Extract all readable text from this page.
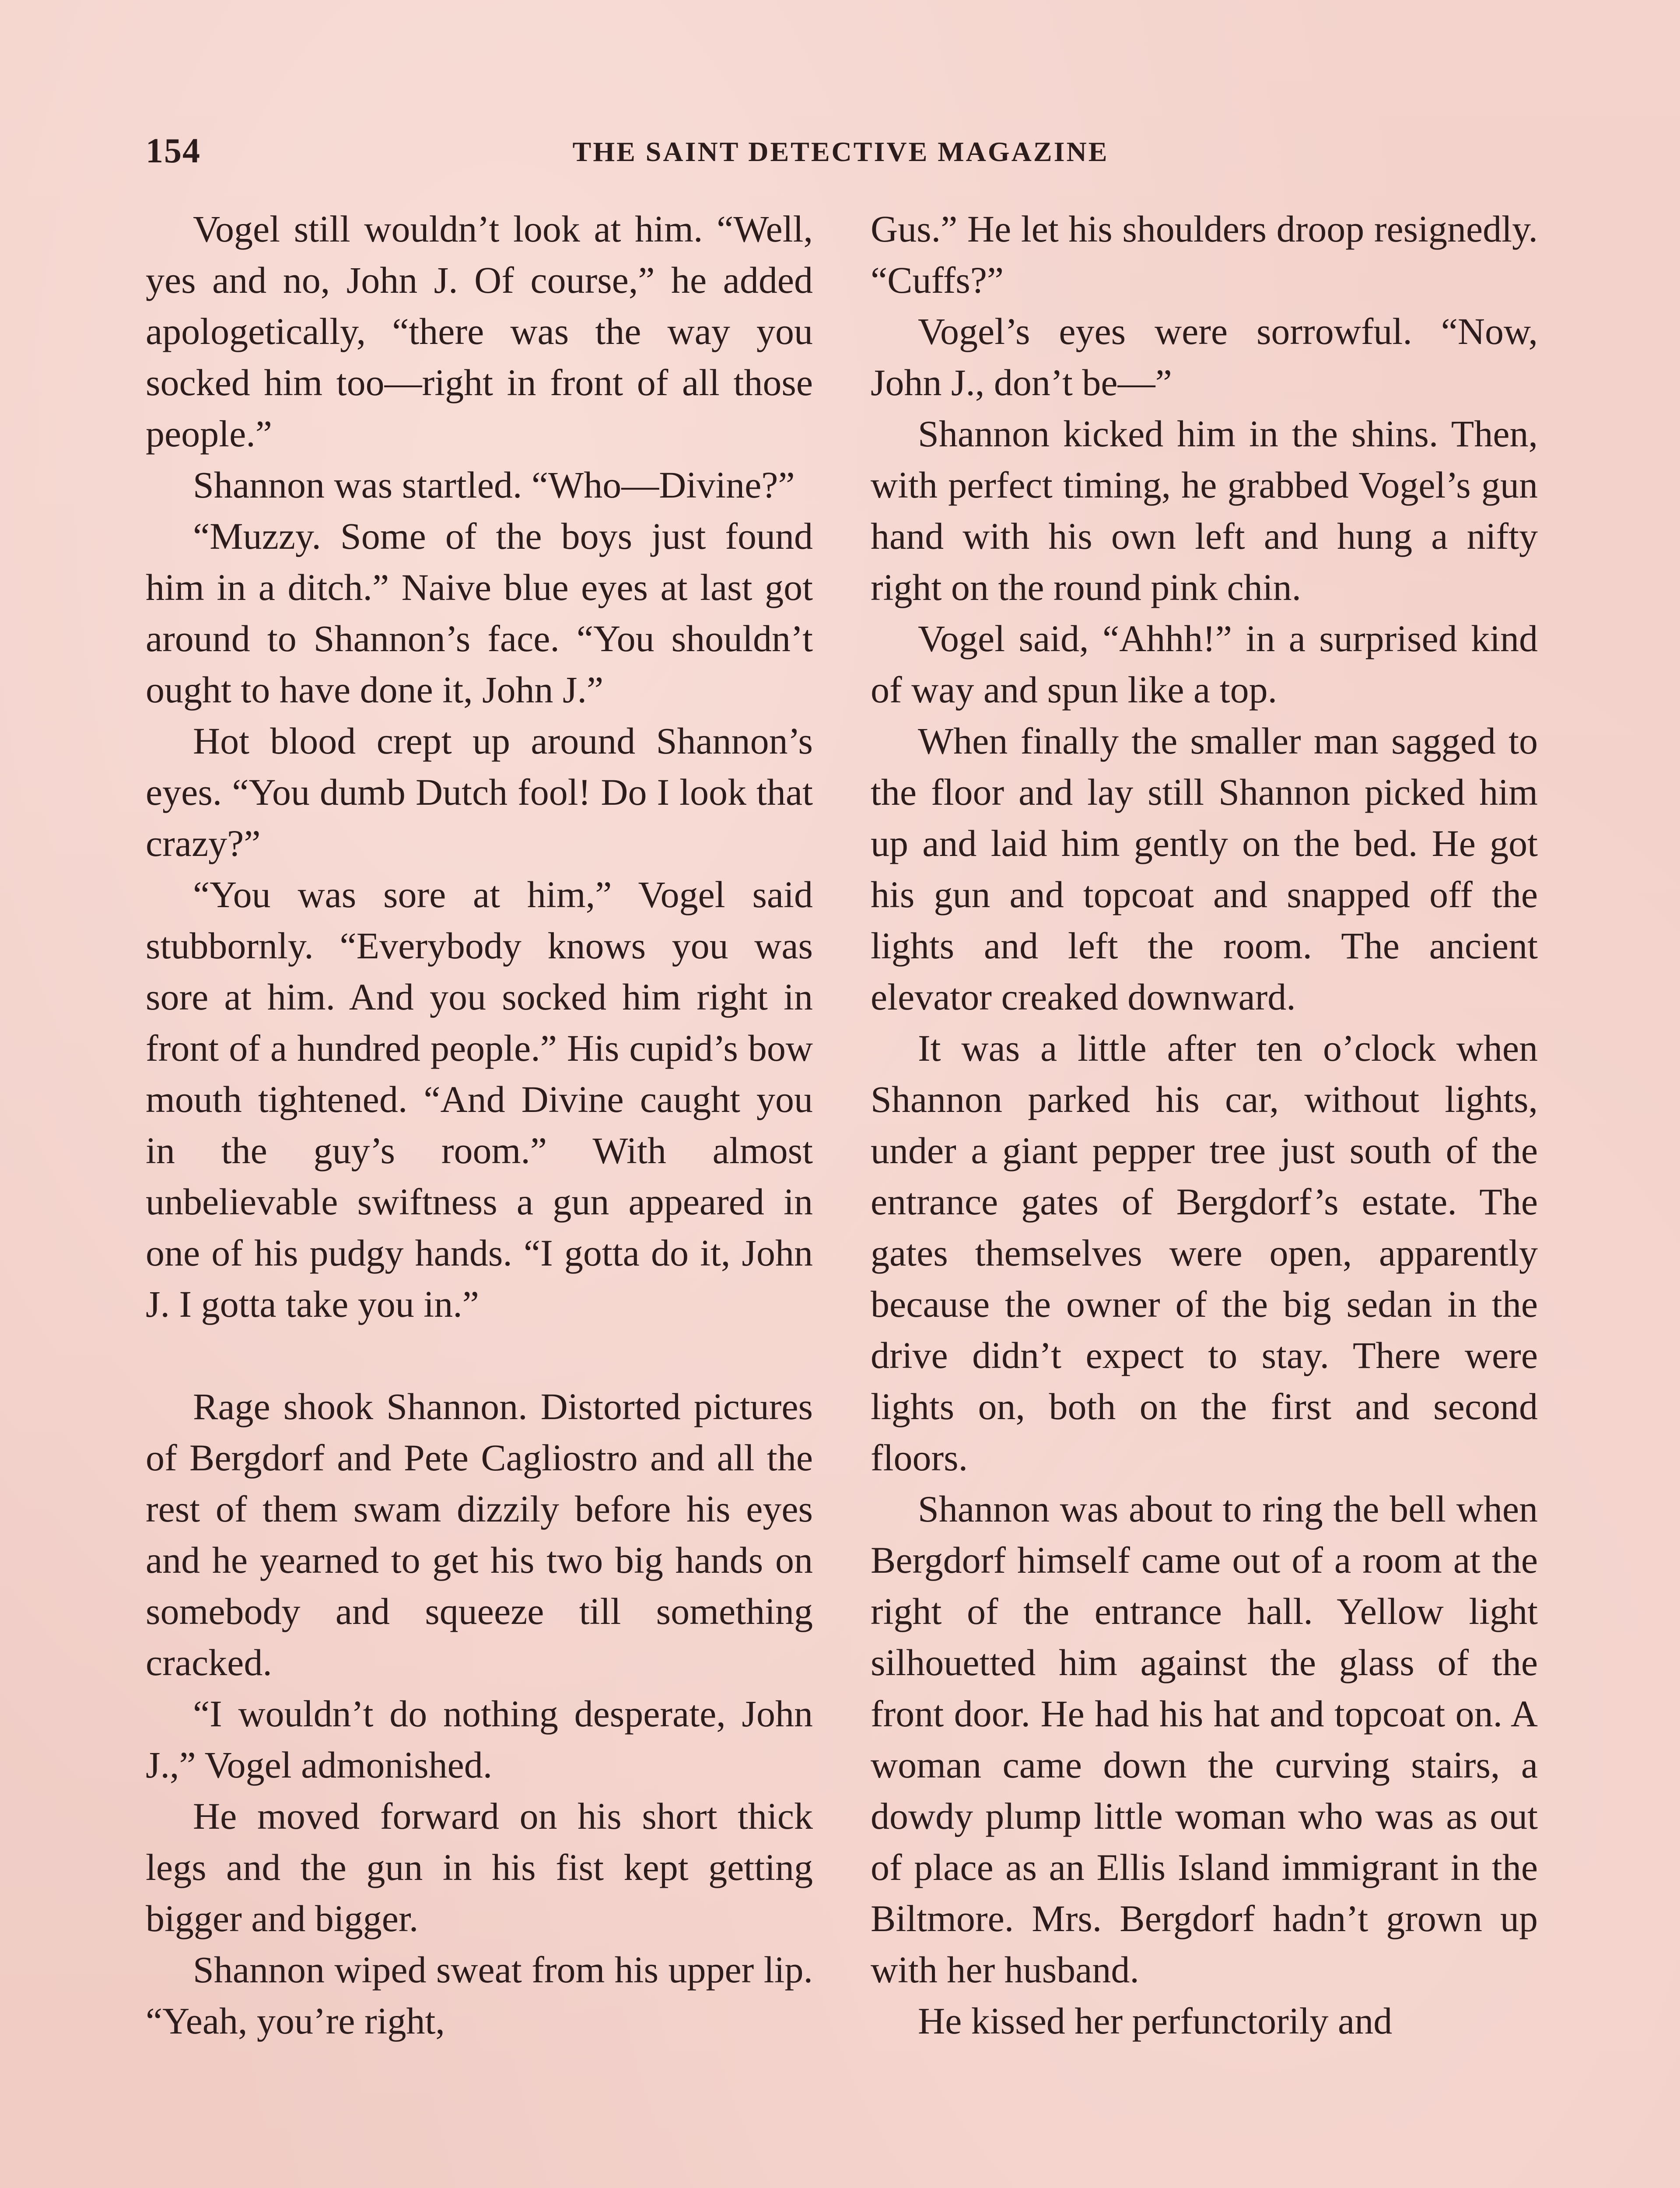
154	THE SAINT DETECTIVE MAGAZINE

Vogel still wouldn’t look at him. “Well, yes and no, John J. Of course,” he added apologetically, “there was the way you socked him too—right in front of all those people.”

Shannon was startled. “Who—Divine?”

“Muzzy. Some of the boys just found him in a ditch.” Naive blue eyes at last got around to Shannon’s face. “You shouldn’t ought to have done it, John J.”

Hot blood crept up around Shannon’s eyes. “You dumb Dutch fool! Do I look that crazy?”

“You was sore at him,” Vogel said stubbornly. “Everybody knows you was sore at him. And you socked him right in front of a hundred people.” His cupid’s bow mouth tightened. “And Divine caught you in the guy’s room.” With almost unbelievable swiftness a gun appeared in one of his pudgy hands. “I gotta do it, John J. I gotta take you in.”

Rage shook Shannon. Distorted pictures of Bergdorf and Pete Cagliostro and all the rest of them swam dizzily before his eyes and he yearned to get his two big hands on somebody and squeeze till something cracked.

“I wouldn’t do nothing desperate, John J.,” Vogel admonished.

He moved forward on his short thick legs and the gun in his fist kept getting bigger and bigger.

Shannon wiped sweat from his upper lip. “Yeah, you’re right,

Gus.” He let his shoulders droop resignedly. “Cuffs?”

Vogel’s eyes were sorrowful. “Now, John J., don’t be—”

Shannon kicked him in the shins. Then, with perfect timing, he grabbed Vogel’s gun hand with his own left and hung a nifty right on the round pink chin.

Vogel said, “Ahhh!” in a surprised kind of way and spun like a top.

When finally the smaller man sagged to the floor and lay still Shannon picked him up and laid him gently on the bed. He got his gun and topcoat and snapped off the lights and left the room. The ancient elevator creaked downward.

It was a little after ten o’clock when Shannon parked his car, without lights, under a giant pepper tree just south of the entrance gates of Bergdorf’s estate. The gates themselves were open, apparently because the owner of the big sedan in the drive didn’t expect to stay. There were lights on, both on the first and second floors.

Shannon was about to ring the bell when Bergdorf himself came out of a room at the right of the entrance hall. Yellow light silhouetted him against the glass of the front door. He had his hat and topcoat on. A woman came down the curving stairs, a dowdy plump little woman who was as out of place as an Ellis Island immigrant in the Biltmore. Mrs. Bergdorf hadn’t grown up with her husband.

He kissed her perfunctorily and
